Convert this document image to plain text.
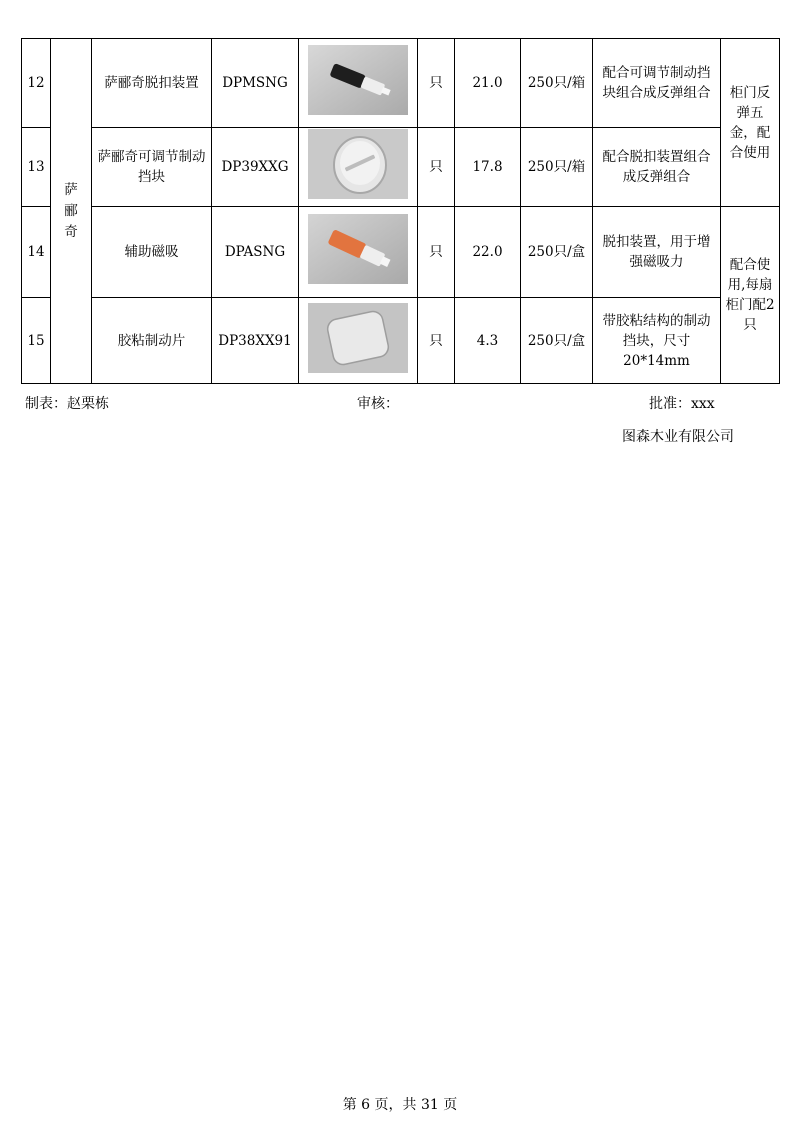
12	萨郦奇	萨郦奇脱扣装置	DPMSNG		只	21.0	250只/箱	配合可调节制动挡块组合成反弹组合	柜门反弹五金，配合使用
13		萨郦奇可调节制动挡块	DP39XXG		只	17.8	250只/箱	配合脱扣装置组合成反弹组合	
14		辅助磁吸	DPASNG		只	22.0	250只/盒	脱扣装置，用于增强磁吸力	配合使用,每扇柜门配2只
15		胶粘制动片	DP38XX91		只	4.3	250只/盒	带胶粘结构的制动挡块，尺寸20*14mm	
制表：赵栗栋	审核：	批准：xxx
图森木业有限公司
第 6 页，共 31 页
